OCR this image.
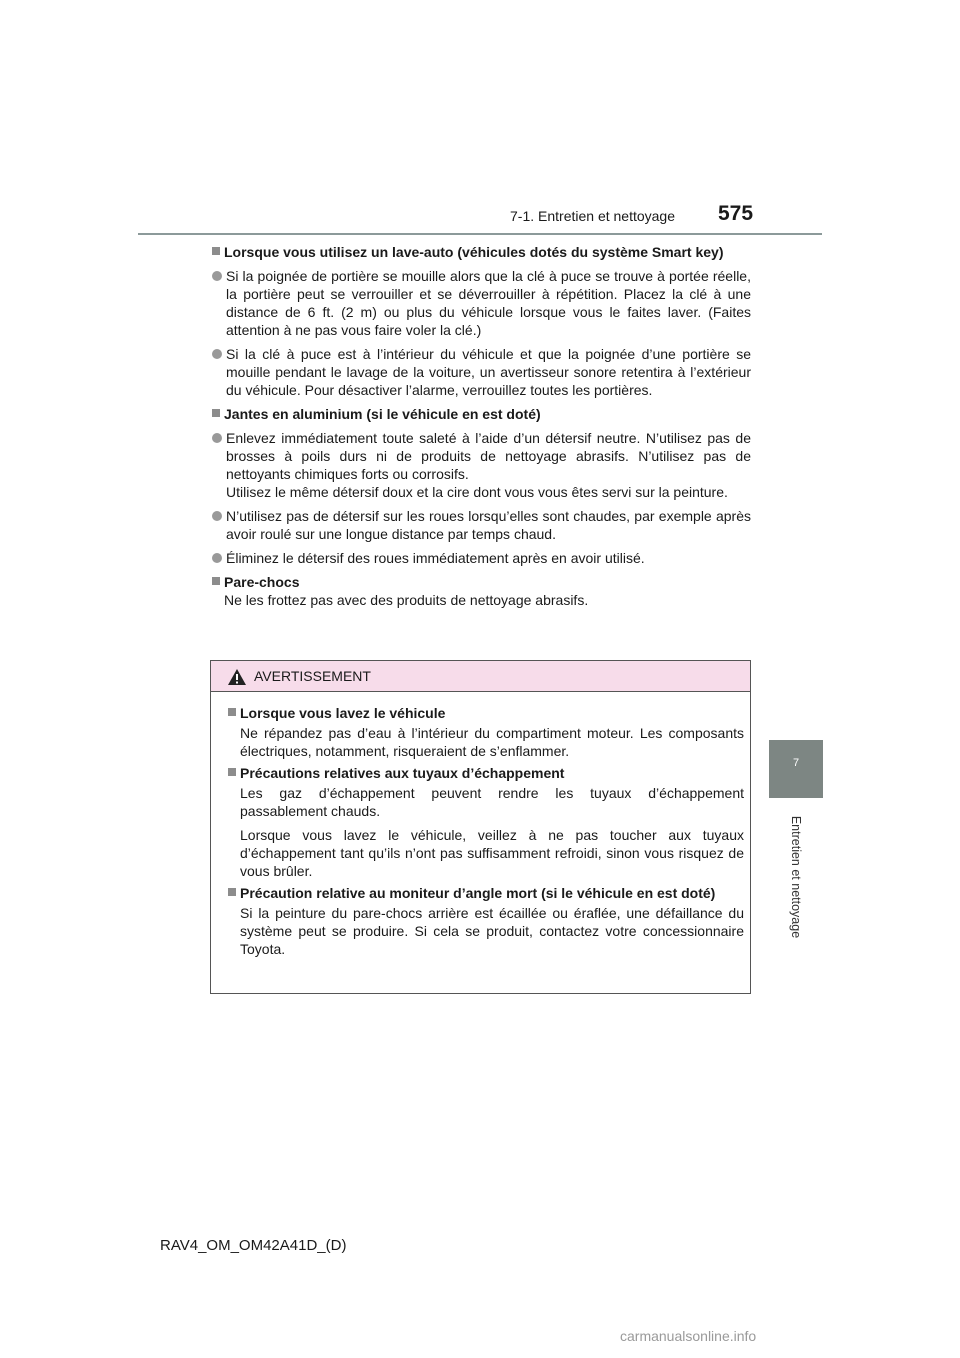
7-1. Entretien et nettoyage 575
7
Entretien et nettoyage
Lorsque vous utilisez un lave-auto (véhicules dotés du système Smart key)
Si la poignée de portière se mouille alors que la clé à puce se trouve à portée réelle, la portière peut se verrouiller et se déverrouiller à répétition. Placez la clé à une distance de 6 ft. (2 m) ou plus du véhicule lorsque vous le faites laver. (Faites attention à ne pas vous faire voler la clé.)
Si la clé à puce est à l’intérieur du véhicule et que la poignée d’une portière se mouille pendant le lavage de la voiture, un avertisseur sonore retentira à l’extérieur du véhicule. Pour désactiver l’alarme, verrouillez toutes les portières.
Jantes en aluminium (si le véhicule en est doté)
Enlevez immédiatement toute saleté à l’aide d’un détersif neutre. N’utilisez pas de brosses à poils durs ni de produits de nettoyage abrasifs. N’utilisez pas de nettoyants chimiques forts ou corrosifs.
Utilisez le même détersif doux et la cire dont vous vous êtes servi sur la peinture.
N’utilisez pas de détersif sur les roues lorsqu’elles sont chaudes, par exemple après avoir roulé sur une longue distance par temps chaud.
Éliminez le détersif des roues immédiatement après en avoir utilisé.
Pare-chocs
Ne les frottez pas avec des produits de nettoyage abrasifs.
AVERTISSEMENT
Lorsque vous lavez le véhicule
Ne répandez pas d’eau à l’intérieur du compartiment moteur. Les composants électriques, notamment, risqueraient de s’enflammer.
Précautions relatives aux tuyaux d’échappement
Les gaz d’échappement peuvent rendre les tuyaux d’échappement passablement chauds.
Lorsque vous lavez le véhicule, veillez à ne pas toucher aux tuyaux d’échappement tant qu’ils n’ont pas suffisamment refroidi, sinon vous risquez de vous brûler.
Précaution relative au moniteur d’angle mort (si le véhicule en est doté)
Si la peinture du pare-chocs arrière est écaillée ou éraflée, une défaillance du système peut se produire. Si cela se produit, contactez votre concessionnaire Toyota.
RAV4_OM_OM42A41D_(D)
carmanualsonline.info
